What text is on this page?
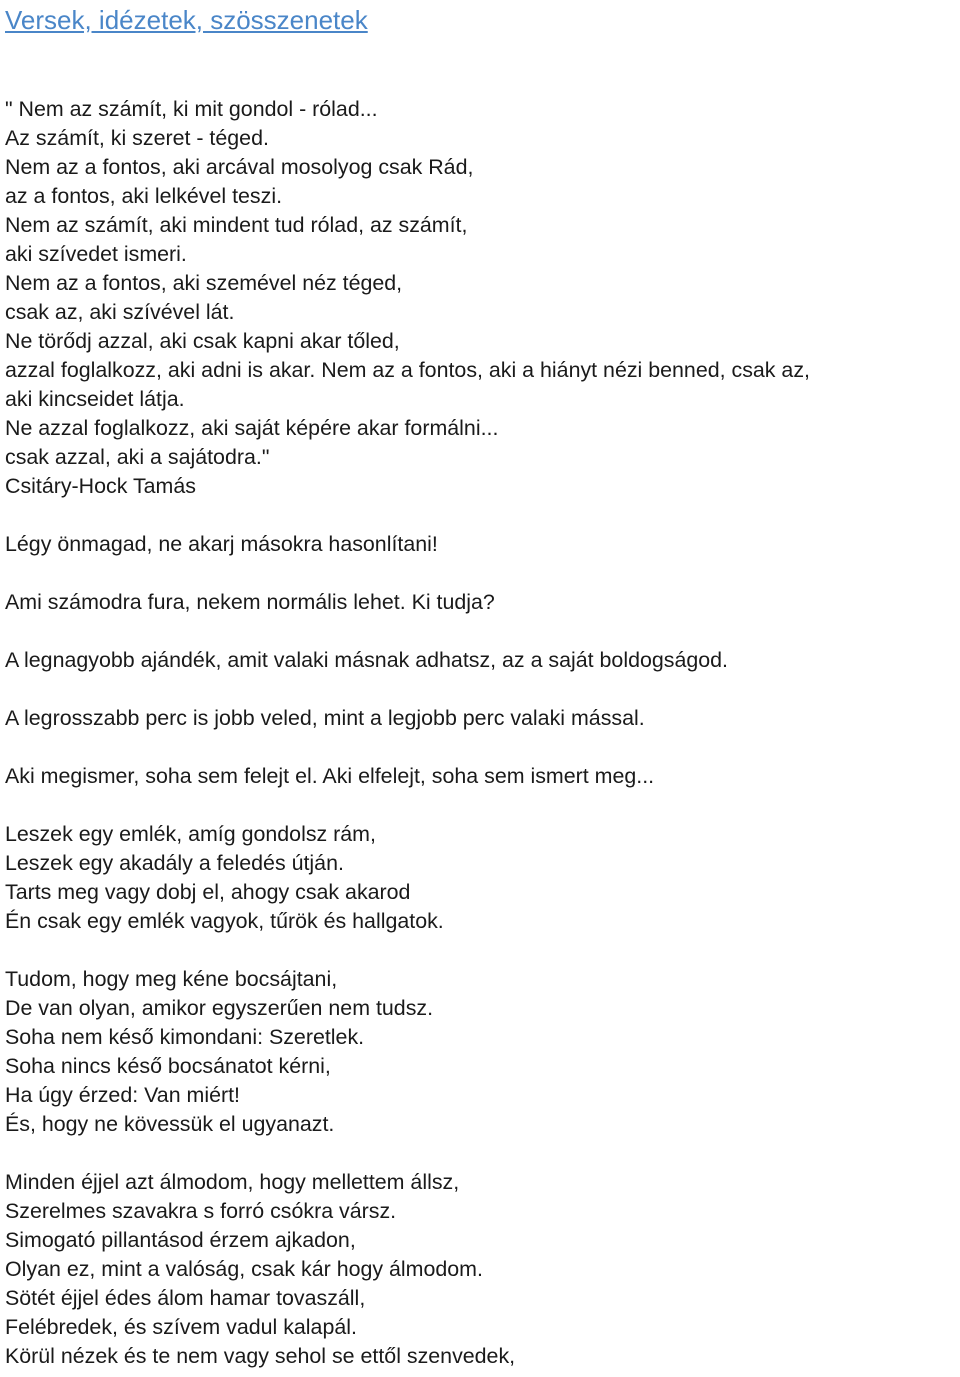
Versek, idézetek, szösszenetek
" Nem az számít, ki mit gondol - rólad...
Az számít, ki szeret - téged.
Nem az a fontos, aki arcával mosolyog csak Rád,
az a fontos, aki lelkével teszi.
Nem az számít, aki mindent tud rólad, az számít,
aki szívedet ismeri.
Nem az a fontos, aki szemével néz téged,
csak az, aki szívével lát.
Ne törődj azzal, aki csak kapni akar tőled,
azzal foglalkozz, aki adni is akar. Nem az a fontos, aki a hiányt nézi benned, csak az,
aki kincseidet látja.
Ne azzal foglalkozz, aki saját képére akar formálni...
csak azzal, aki a sajátodra."
Csitáry-Hock Tamás
Légy önmagad, ne akarj másokra hasonlítani!
Ami számodra fura, nekem normális lehet. Ki tudja?
A legnagyobb ajándék, amit valaki másnak adhatsz, az a saját boldogságod.
A legrosszabb perc is jobb veled, mint a legjobb perc valaki mással.
Aki megismer, soha sem felejt el. Aki elfelejt, soha sem ismert meg...
Leszek egy emlék, amíg gondolsz rám,
Leszek egy akadály a feledés útján.
Tarts meg vagy dobj el, ahogy csak akarod
Én csak egy emlék vagyok, tűrök és hallgatok.
Tudom, hogy meg kéne bocsájtani,
De van olyan, amikor egyszerűen nem tudsz.
Soha nem késő kimondani: Szeretlek.
Soha nincs késő bocsánatot kérni,
Ha úgy érzed: Van miért!
És, hogy ne kövessük el ugyanazt.
Minden éjjel azt álmodom, hogy mellettem állsz,
Szerelmes szavakra s forró csókra vársz.
Simogató pillantásod érzem ajkadon,
Olyan ez, mint a valóság, csak kár hogy álmodom.
Sötét éjjel édes álom hamar tovaszáll,
Felébredek, és szívem vadul kalapál.
Körül nézek és te nem vagy sehol se ettől szenvedek,
